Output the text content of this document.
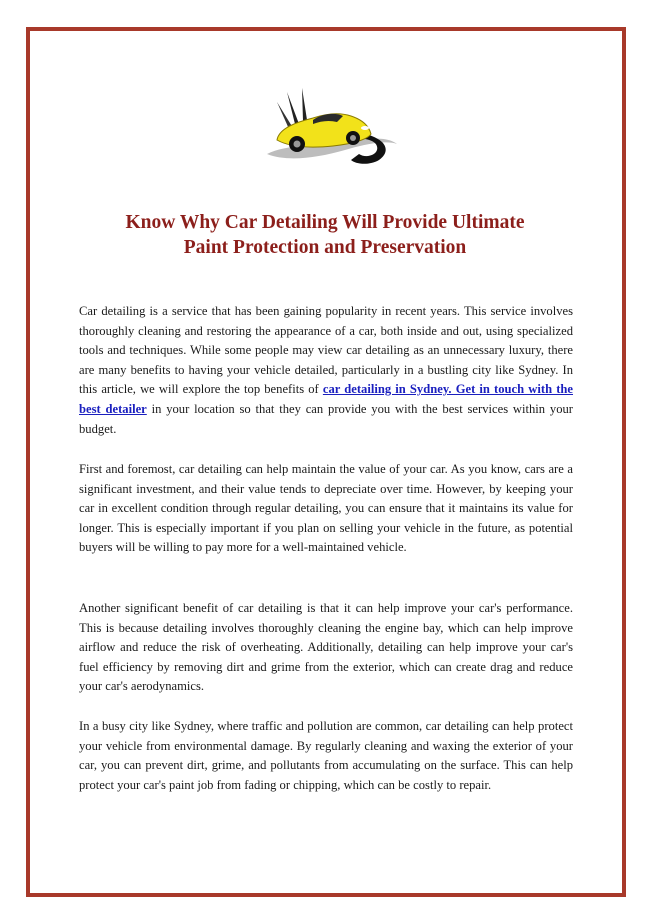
Know Why Car Detailing Will Provide Ultimate
Paint Protection and Preservation

Car detailing is a service that has been gaining popularity in recent years. This service involves thoroughly cleaning and restoring the appearance of a car, both inside and out, using specialized tools and techniques. While some people may view car detailing as an unnecessary luxury, there are many benefits to having your vehicle detailed, particularly in a bustling city like Sydney. In this article, we will explore the top benefits of car detailing in Sydney. Get in touch with the best detailer in your location so that they can provide you with the best services within your budget.

First and foremost, car detailing can help maintain the value of your car. As you know, cars are a significant investment, and their value tends to depreciate over time. However, by keeping your car in excellent condition through regular detailing, you can ensure that it maintains its value for longer. This is especially important if you plan on selling your vehicle in the future, as potential buyers will be willing to pay more for a well-maintained vehicle.

Another significant benefit of car detailing is that it can help improve your car's performance. This is because detailing involves thoroughly cleaning the engine bay, which can help improve airflow and reduce the risk of overheating. Additionally, detailing can help improve your car's fuel efficiency by removing dirt and grime from the exterior, which can create drag and reduce your car's aerodynamics.

In a busy city like Sydney, where traffic and pollution are common, car detailing can help protect your vehicle from environmental damage. By regularly cleaning and waxing the exterior of your car, you can prevent dirt, grime, and pollutants from accumulating on the surface. This can help protect your car's paint job from fading or chipping, which can be costly to repair.
